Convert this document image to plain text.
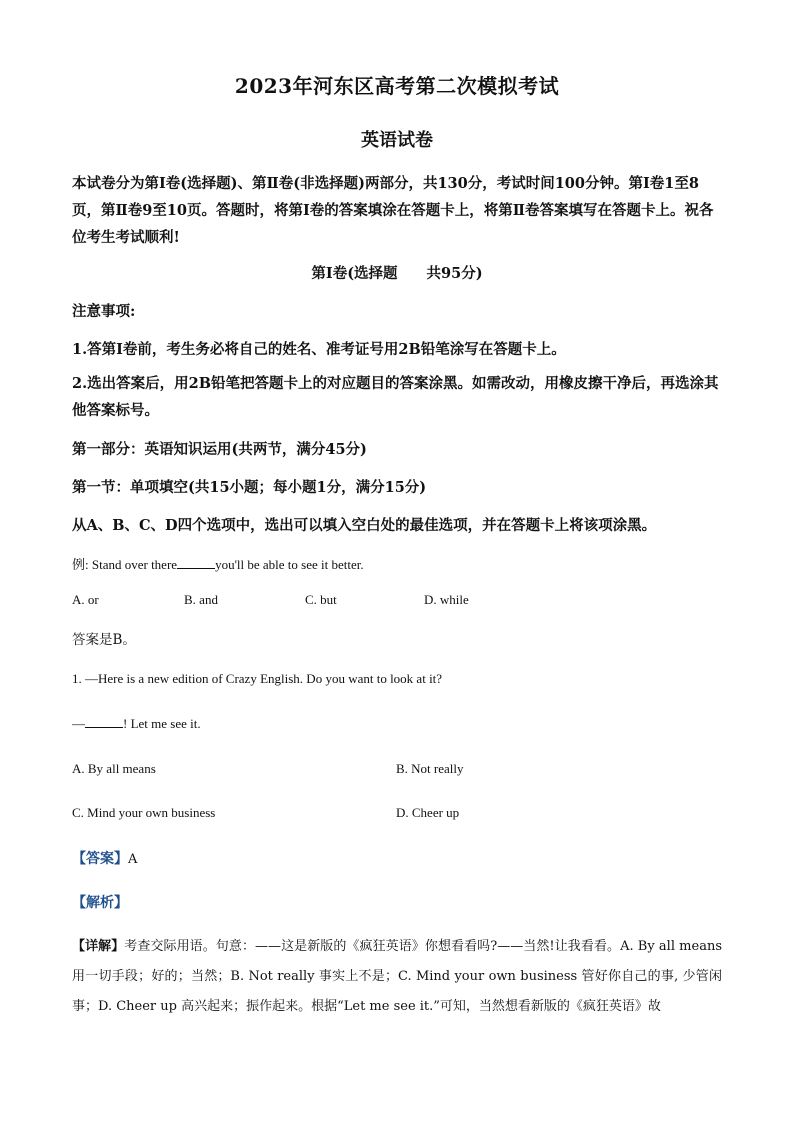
2023年河东区高考第二次模拟考试
英语试卷
本试卷分为第Ⅰ卷(选择题)、第Ⅱ卷(非选择题)两部分，共130分，考试时间100分钟。第Ⅰ卷1至8页，第Ⅱ卷9至10页。答题时，将第Ⅰ卷的答案填涂在答题卡上，将第Ⅱ卷答案填写在答题卡上。祝各位考生考试顺利!
第Ⅰ卷(选择题　　共95分)
注意事项:
1.答第Ⅰ卷前，考生务必将自己的姓名、准考证号用2B铅笔涂写在答题卡上。
2.选出答案后，用2B铅笔把答题卡上的对应题目的答案涂黑。如需改动，用橡皮擦干净后，再选涂其他答案标号。
第一部分：英语知识运用(共两节，满分45分)
第一节：单项填空(共15小题；每小题1分，满分15分)
从A、B、C、D四个选项中，选出可以填入空白处的最佳选项，并在答题卡上将该项涂黑。
例: Stand over there	you'll be able to see it better.
A. or	B. and	C. but	D. while
答案是B。
1. —Here is a new edition of Crazy English. Do you want to look at it?
—	! Let me see it.
A. By all means	B. Not really
C. Mind your own business	D. Cheer up
【答案】A
【解析】
【详解】考查交际用语。句意：——这是新版的《疯狂英语》你想看看吗?——当然!让我看看。A. By all means 用一切手段；好的；当然；B. Not really 事实上不是；C. Mind your own business 管好你自己的事, 少管闲事；D. Cheer up 高兴起来；振作起来。根据“Let me see it.”可知，当然想看新版的《疯狂英语》故
